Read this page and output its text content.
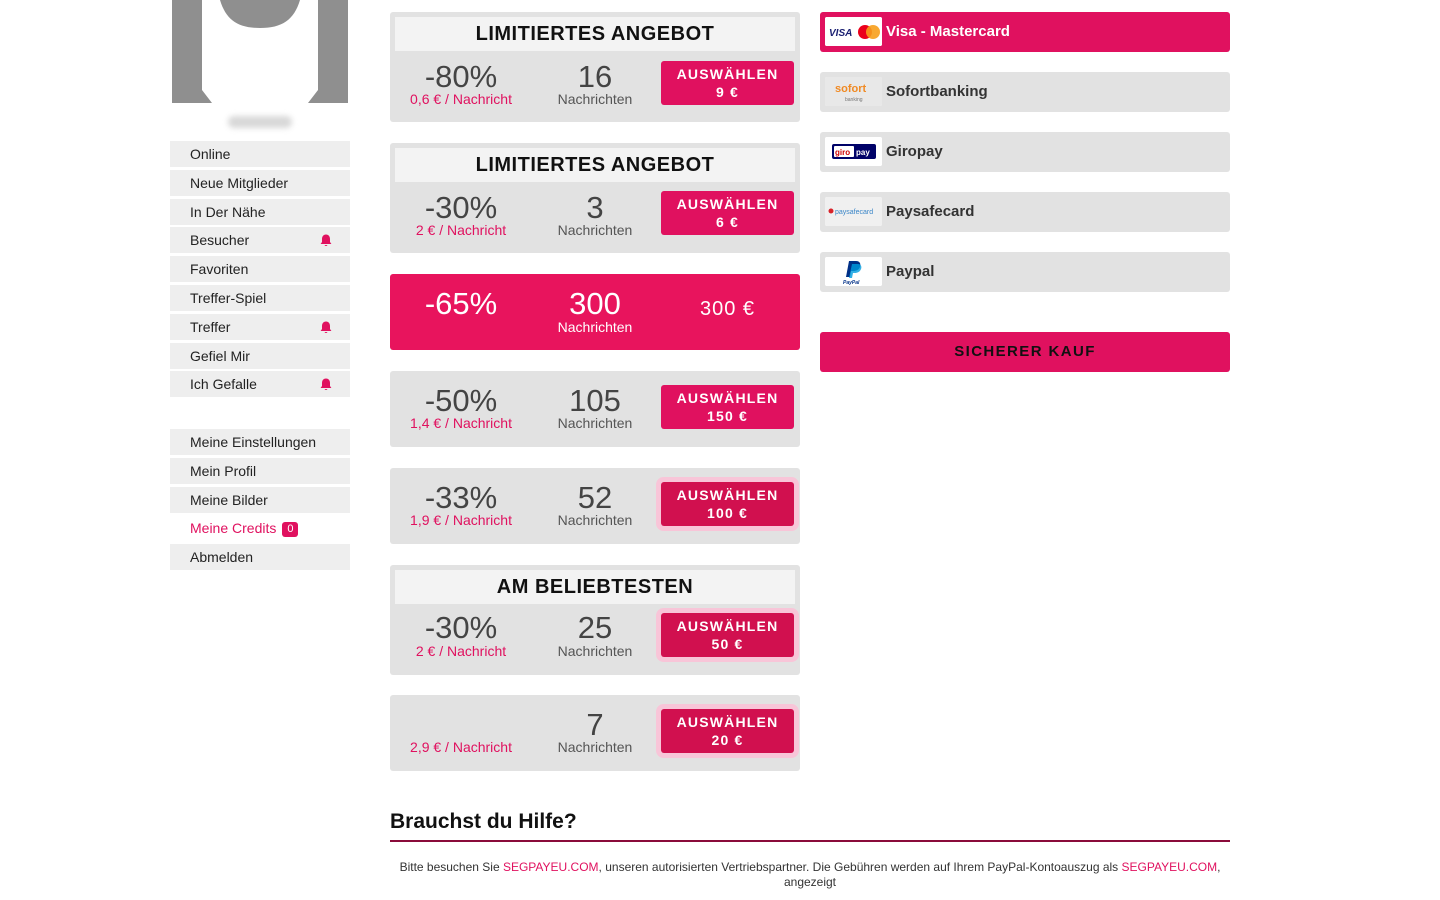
Online
Neue Mitglieder
In Der Nähe
Besucher
Favoriten
Treffer-Spiel
Treffer
Gefiel Mir
Ich Gefalle
Meine Einstellungen
Mein Profil
Meine Bilder
Meine Credits 0
Abmelden
LIMITIERTES ANGEBOT
-80%
0,6 € / Nachricht
16
Nachrichten
AUSWÄHLEN
9 €
LIMITIERTES ANGEBOT
-30%
2 € / Nachricht
3
Nachrichten
AUSWÄHLEN
6 €
-65%	300
Nachrichten
300 €
-50%
1,4 € / Nachricht
105
Nachrichten
AUSWÄHLEN
150 €
-33%
1,9 € / Nachricht
52
Nachrichten
AUSWÄHLEN
100 €
AM BELIEBTESTEN
-30%
2 € / Nachricht
25
Nachrichten
AUSWÄHLEN
50 €
2,9 € / Nachricht
7
Nachrichten
AUSWÄHLEN
20 €
VISA Visa - Mastercard
sofort
banking Sofortbanking
giro pay Giropay
paysafecard Paysafecard
PayPal
Paypal
SICHERER KAUF
Brauchst du Hilfe?
Bitte besuchen Sie SEGPAYEU.COM, unseren autorisierten Vertriebspartner. Die Gebühren werden auf Ihrem PayPal-Kontoauszug als SEGPAYEU.COM, angezeigt
